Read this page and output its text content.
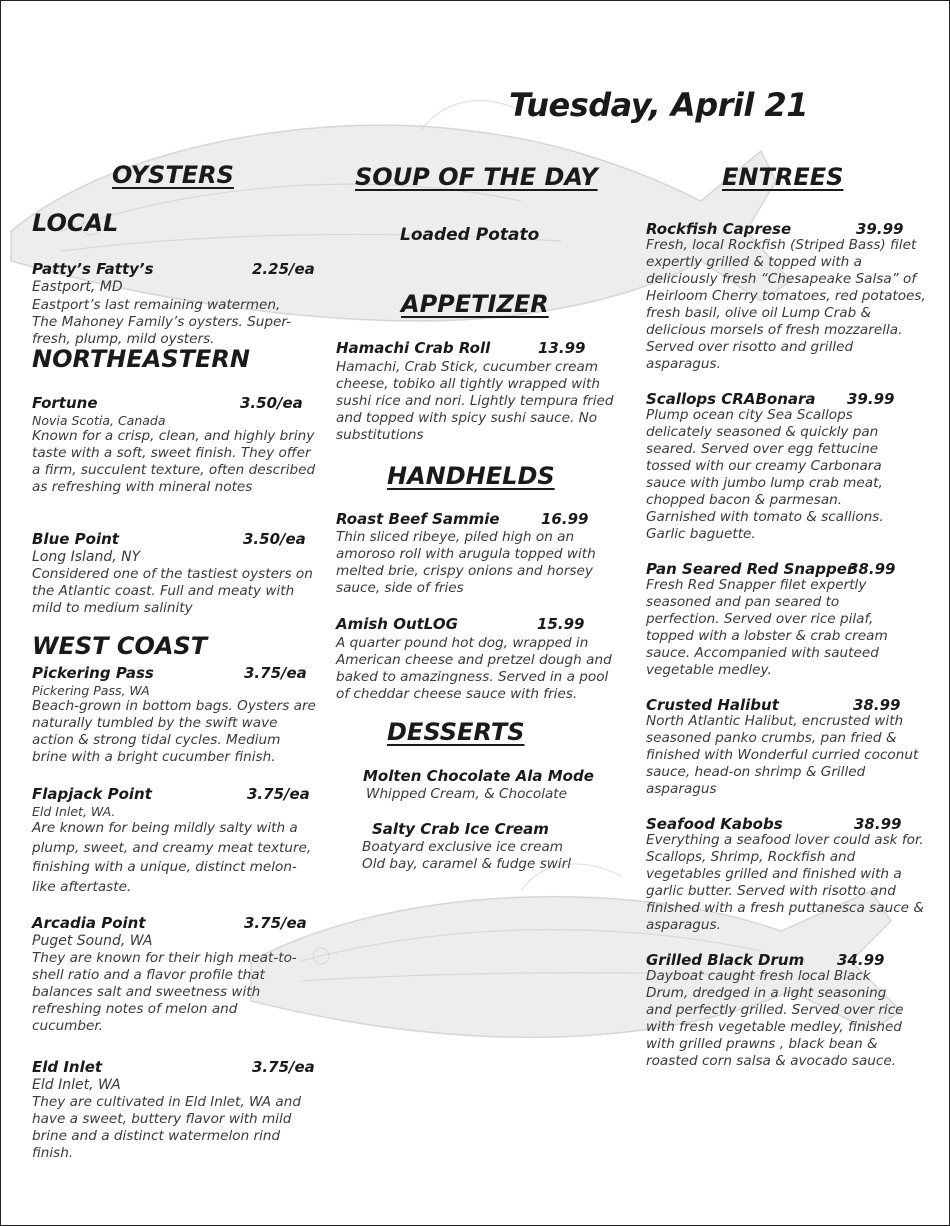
Tuesday, April 21
OYSTERS
LOCAL
Patty’s Fatty’s	2.25/ea
Eastport, MD
Eastport’s last remaining watermen, The Mahoney Family’s oysters. Super-fresh, plump, mild oysters.
NORTHEASTERN
Fortune	3.50/ea
Novia Scotia, Canada
Known for a crisp, clean, and highly briny taste with a soft, sweet finish. They offer a firm, succulent texture, often described as refreshing with mineral notes
Blue Point	3.50/ea
Long Island, NY
Considered one of the tastiest oysters on the Atlantic coast. Full and meaty with mild to medium salinity
WEST COAST
Pickering Pass	3.75/ea
Pickering Pass, WA
Beach-grown in bottom bags. Oysters are naturally tumbled by the swift wave action & strong tidal cycles. Medium brine with a bright cucumber finish.
Flapjack Point	3.75/ea
Eld Inlet, WA.
Are known for being mildly salty with a plump, sweet, and creamy meat texture, finishing with a unique, distinct melon-like aftertaste.
Arcadia Point	3.75/ea
Puget Sound, WA
They are known for their high meat-to-shell ratio and a flavor profile that balances salt and sweetness with refreshing notes of melon and cucumber.
Eld Inlet	3.75/ea
Eld Inlet, WA
They are cultivated in Eld Inlet, WA and have a sweet, buttery flavor with mild brine and a distinct watermelon rind finish.
SOUP OF THE DAY
Loaded Potato
APPETIZER
Hamachi Crab Roll	13.99
Hamachi, Crab Stick, cucumber cream cheese, tobiko all tightly wrapped with sushi rice and nori. Lightly tempura fried and topped with spicy sushi sauce. No substitutions
HANDHELDS
Roast Beef Sammie	16.99
Thin sliced ribeye, piled high on an amoroso roll with arugula topped with melted brie, crispy onions and horsey sauce, side of fries
Amish OutLOG	15.99
A quarter pound hot dog, wrapped in American cheese and pretzel dough and baked to amazingness. Served in a pool of cheddar cheese sauce with fries.
DESSERTS
Molten Chocolate Ala Mode
Whipped Cream, & Chocolate
Salty Crab Ice Cream
Boatyard exclusive ice cream
Old bay, caramel & fudge swirl
ENTREES
Rockfish Caprese	39.99
Fresh, local Rockfish (Striped Bass) filet expertly grilled & topped with a deliciously fresh “Chesapeake Salsa” of Heirloom Cherry tomatoes, red potatoes, fresh basil, olive oil Lump Crab & delicious morsels of fresh mozzarella. Served over risotto and grilled asparagus.
Scallops CRABonara 39.99
Plump ocean city Sea Scallops delicately seasoned & quickly pan seared. Served over egg fettucine tossed with our creamy Carbonara sauce with jumbo lump crab meat, chopped bacon & parmesan. Garnished with tomato & scallions. Garlic baguette.
Pan Seared Red Snapper
38.99
Fresh Red Snapper filet expertly seasoned and pan seared to perfection. Served over rice pilaf, topped with a lobster & crab cream sauce. Accompanied with sauteed vegetable medley.
Crusted Halibut	38.99
North Atlantic Halibut, encrusted with seasoned panko crumbs, pan fried & finished with Wonderful curried coconut sauce, head-on shrimp & Grilled asparagus
Seafood Kabobs	38.99
Everything a seafood lover could ask for. Scallops, Shrimp, Rockfish and vegetables grilled and finished with a garlic butter. Served with risotto and finished with a fresh puttanesca sauce & asparagus.
Grilled Black Drum 34.99
Dayboat caught fresh local Black Drum, dredged in a light seasoning and perfectly grilled. Served over rice with fresh vegetable medley, finished with grilled prawns , black bean & roasted corn salsa & avocado sauce.
